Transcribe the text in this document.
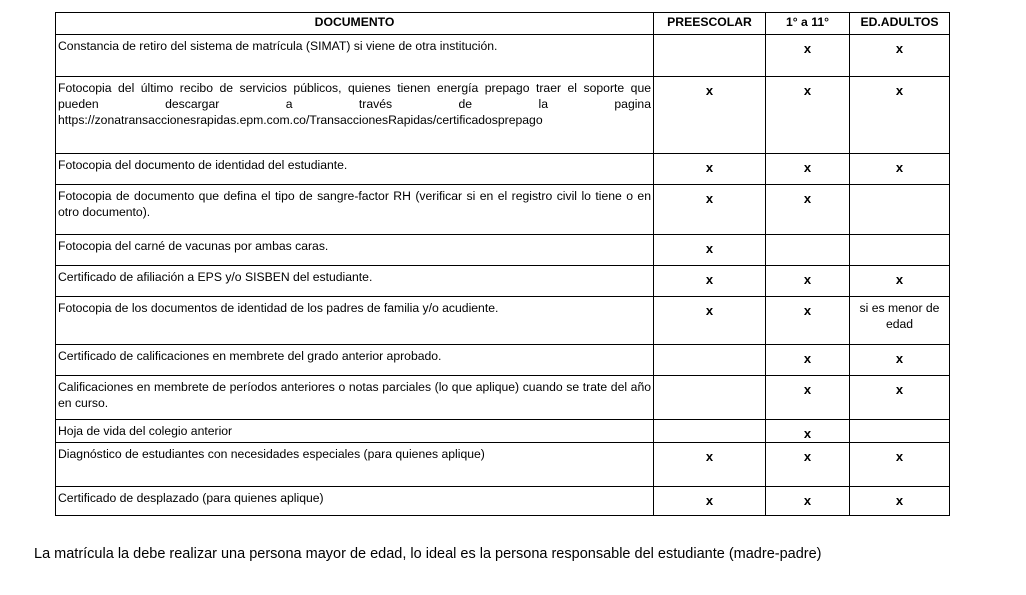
DOCUMENTO	PREESCOLAR	1° a 11°	ED.ADULTOS
Constancia de retiro del sistema de matrícula (SIMAT) si viene de otra institución.		x	x
Fotocopia del último recibo de servicios públicos, quienes tienen energía prepago traer el soporte que pueden descargar a través de la pagina https://zonatransaccionesrapidas.epm.com.co/TransaccionesRapidas/certificadosprepago	x	x	x
Fotocopia del documento de identidad del estudiante.	x	x	x
Fotocopia de documento que defina el tipo de sangre-factor RH (verificar si en el registro civil lo tiene o en otro documento).	x	x	
Fotocopia del carné de vacunas por ambas caras.	x		
Certificado de afiliación a EPS y/o SISBEN del estudiante.	x	x	x
Fotocopia de los documentos de identidad de los padres de familia y/o acudiente.	x	x	si es menor de edad
Certificado de calificaciones en membrete del grado anterior aprobado.		x	x
Calificaciones en membrete de períodos anteriores o notas parciales (lo que aplique) cuando se trate del año en curso.		x	x
Hoja de vida del colegio anterior		x	
Diagnóstico de estudiantes con necesidades especiales (para quienes aplique)	x	x	x
Certificado de desplazado (para quienes aplique)	x	x	x
La matrícula la debe realizar una persona mayor de edad, lo ideal es la persona responsable del estudiante (madre-padre)
